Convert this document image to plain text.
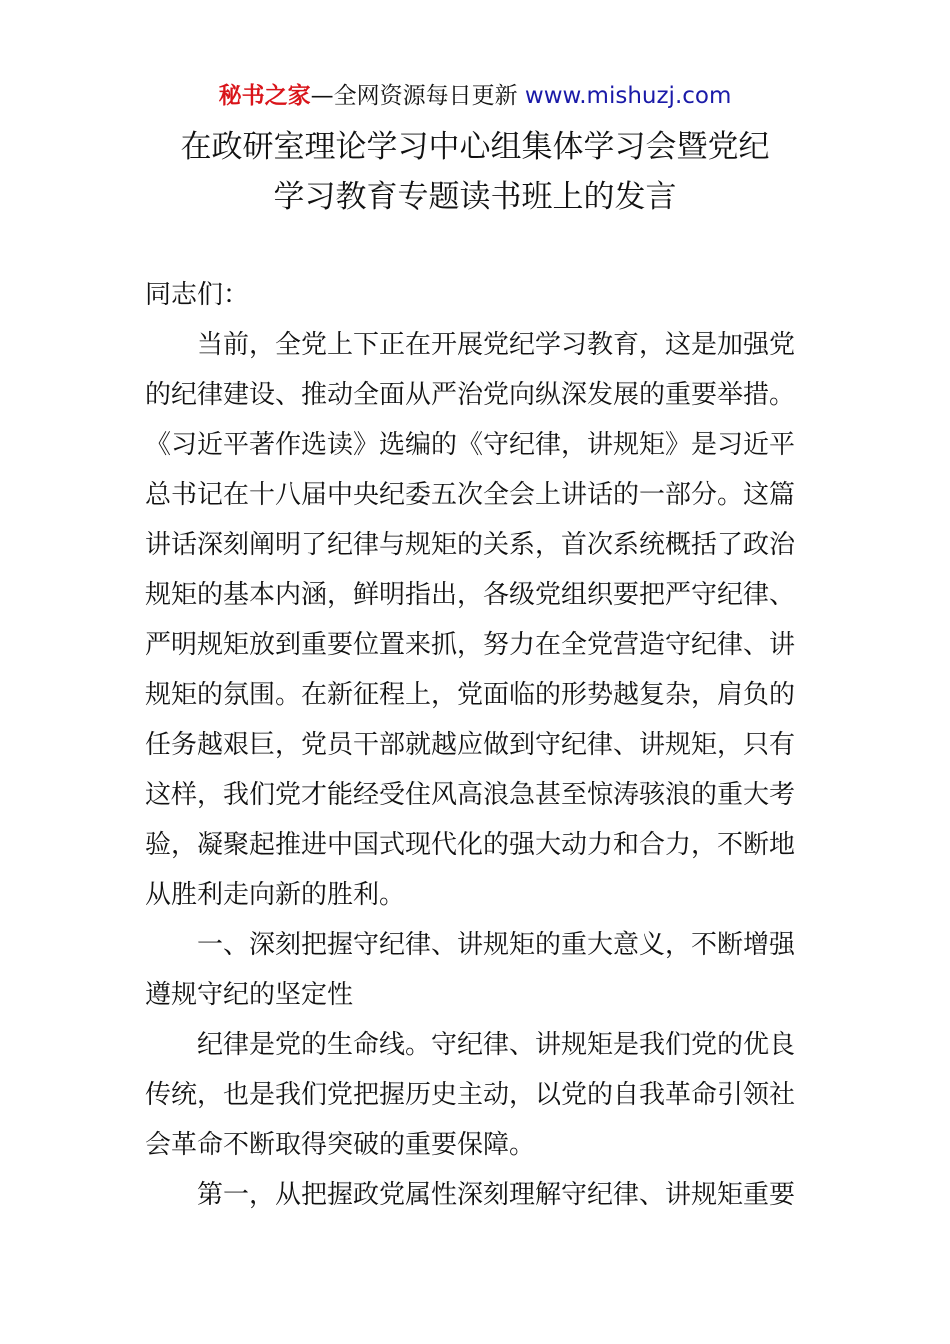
秘书之家—全网资源每日更新 www.mishuzj.com
在政研室理论学习中心组集体学习会暨党纪
学习教育专题读书班上的发言
同志们：
　　当前，全党上下正在开展党纪学习教育，这是加强党
的纪律建设、推动全面从严治党向纵深发展的重要举措。
《习近平著作选读》选编的《守纪律，讲规矩》是习近平
总书记在十八届中央纪委五次全会上讲话的一部分。这篇
讲话深刻阐明了纪律与规矩的关系，首次系统概括了政治
规矩的基本内涵，鲜明指出，各级党组织要把严守纪律、
严明规矩放到重要位置来抓，努力在全党营造守纪律、讲
规矩的氛围。在新征程上，党面临的形势越复杂，肩负的
任务越艰巨，党员干部就越应做到守纪律、讲规矩，只有
这样，我们党才能经受住风高浪急甚至惊涛骇浪的重大考
验，凝聚起推进中国式现代化的强大动力和合力，不断地
从胜利走向新的胜利。
　　一、深刻把握守纪律、讲规矩的重大意义，不断增强
遵规守纪的坚定性
　　纪律是党的生命线。守纪律、讲规矩是我们党的优良
传统，也是我们党把握历史主动，以党的自我革命引领社
会革命不断取得突破的重要保障。
　　第一，从把握政党属性深刻理解守纪律、讲规矩重要
